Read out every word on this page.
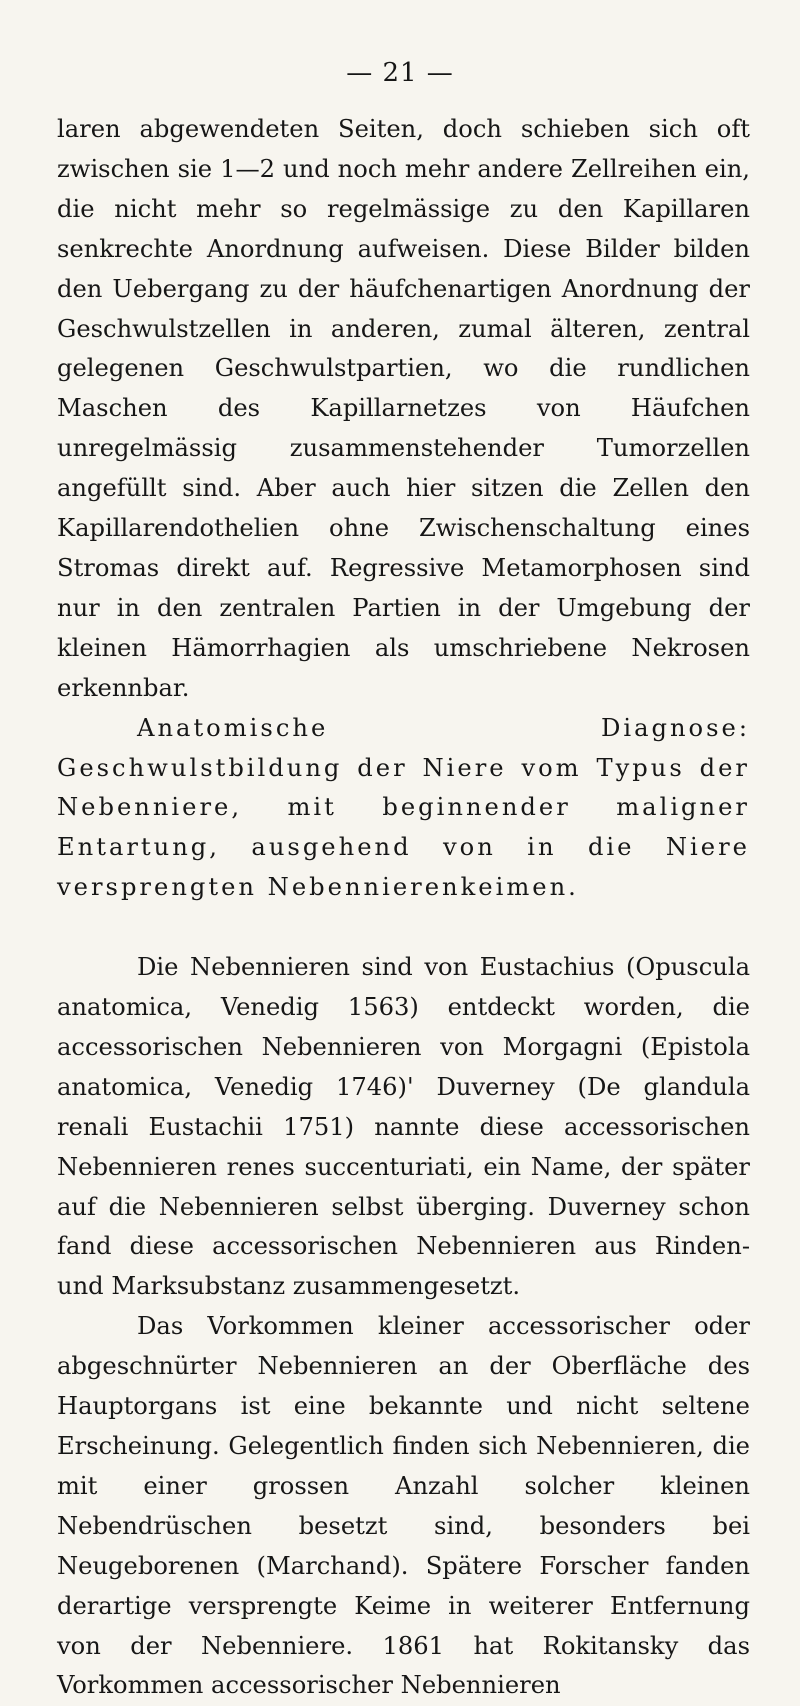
— 21 —

laren abgewendeten Seiten, doch schieben sich oft zwischen sie 1—2 und noch mehr andere Zellreihen ein, die nicht mehr so regelmässige zu den Kapillaren senkrechte Anordnung aufweisen. Diese Bilder bilden den Uebergang zu der häufchenartigen Anordnung der Geschwulstzellen in anderen, zumal älteren, zentral gelegenen Geschwulstpartien, wo die rundlichen Maschen des Kapillarnetzes von Häufchen unregelmässig zusammenstehender Tumorzellen angefüllt sind. Aber auch hier sitzen die Zellen den Kapillarendothelien ohne Zwischenschaltung eines Stromas direkt auf. Regressive Metamorphosen sind nur in den zentralen Partien in der Umgebung der kleinen Hämorrhagien als umschriebene Nekrosen erkennbar.

Anatomische Diagnose: Geschwulstbildung der Niere vom Typus der Nebenniere, mit beginnender maligner Entartung, ausgehend von in die Niere versprengten Nebennierenkeimen.

Die Nebennieren sind von Eustachius (Opuscula anatomica, Venedig 1563) entdeckt worden, die accessorischen Nebennieren von Morgagni (Epistola anatomica, Venedig 1746)' Duverney (De glandula renali Eustachii 1751) nannte diese accessorischen Nebennieren renes succenturiati, ein Name, der später auf die Nebennieren selbst überging. Duverney schon fand diese accessorischen Nebennieren aus Rinden- und Marksubstanz zusammengesetzt.

Das Vorkommen kleiner accessorischer oder abgeschnürter Nebennieren an der Oberfläche des Hauptorgans ist eine bekannte und nicht seltene Erscheinung. Gelegentlich finden sich Nebennieren, die mit einer grossen Anzahl solcher kleinen Nebendrüschen besetzt sind, besonders bei Neugeborenen (Marchand). Spätere Forscher fanden derartige versprengte Keime in weiterer Entfernung von der Nebenniere. 1861 hat Rokitansky das Vorkommen accessorischer Nebennieren
